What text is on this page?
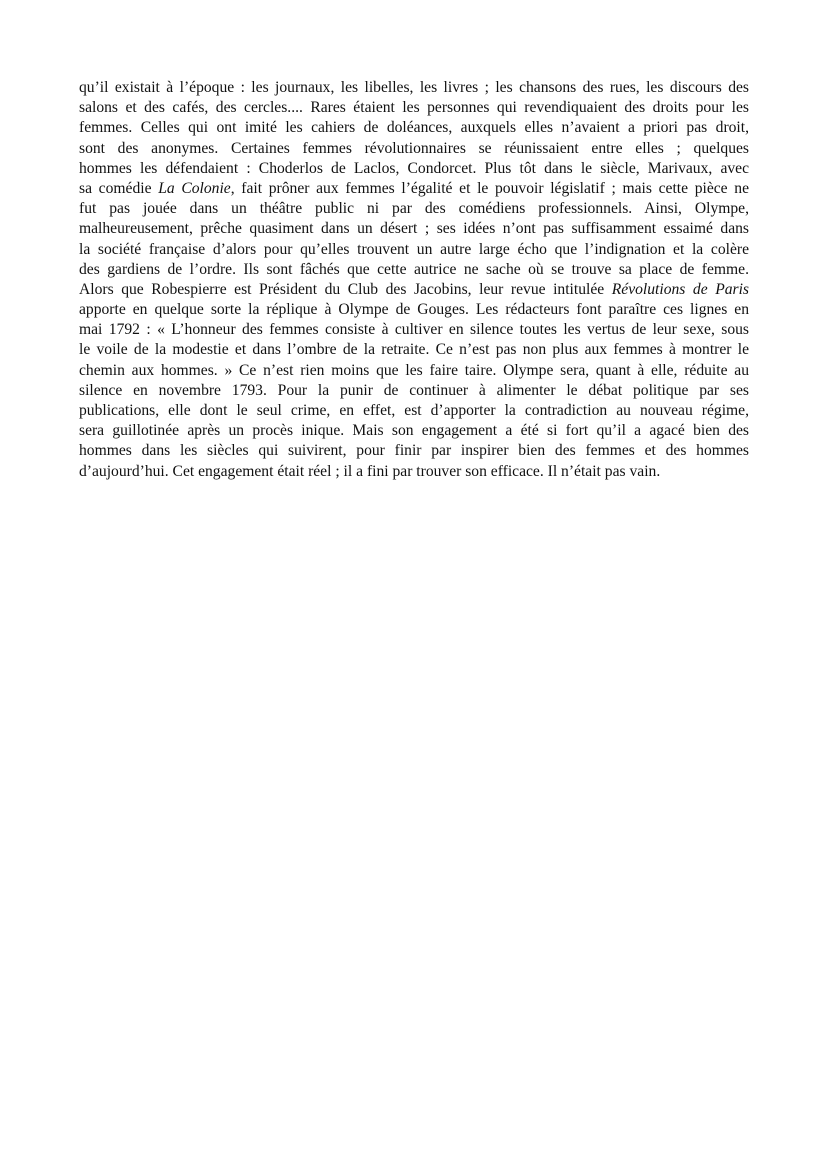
qu’il existait à l’époque : les journaux, les libelles, les livres ; les chansons des rues, les discours des
salons et des cafés, des cercles.... Rares étaient les personnes qui revendiquaient des droits pour les
femmes. Celles qui ont imité les cahiers de doléances, auxquels elles n’avaient a priori pas droit,
sont des anonymes. Certaines femmes révolutionnaires se réunissaient entre elles ; quelques
hommes les défendaient : Choderlos de Laclos, Condorcet. Plus tôt dans le siècle, Marivaux, avec
sa comédie La Colonie, fait prôner aux femmes l’égalité et le pouvoir législatif ; mais cette pièce ne
fut pas jouée dans un théâtre public ni par des comédiens professionnels. Ainsi, Olympe,
malheureusement, prêche quasiment dans un désert ; ses idées n’ont pas suffisamment essaimé dans
la société française d’alors pour qu’elles trouvent un autre large écho que l’indignation et la colère
des gardiens de l’ordre. Ils sont fâchés que cette autrice ne sache où se trouve sa place de femme.
Alors que Robespierre est Président du Club des Jacobins, leur revue intitulée Révolutions de Paris
apporte en quelque sorte la réplique à Olympe de Gouges. Les rédacteurs font paraître ces lignes en
mai 1792 : « L’honneur des femmes consiste à cultiver en silence toutes les vertus de leur sexe, sous
le voile de la modestie et dans l’ombre de la retraite. Ce n’est pas non plus aux femmes à montrer le
chemin aux hommes. » Ce n’est rien moins que les faire taire. Olympe sera, quant à elle, réduite au
silence en novembre 1793. Pour la punir de continuer à alimenter le débat politique par ses
publications, elle dont le seul crime, en effet, est d’apporter la contradiction au nouveau régime,
sera guillotinée après un procès inique. Mais son engagement a été si fort qu’il a agacé bien des
hommes dans les siècles qui suivirent, pour finir par inspirer bien des femmes et des hommes
d’aujourd’hui. Cet engagement était réel ; il a fini par trouver son efficace. Il n’était pas vain.
